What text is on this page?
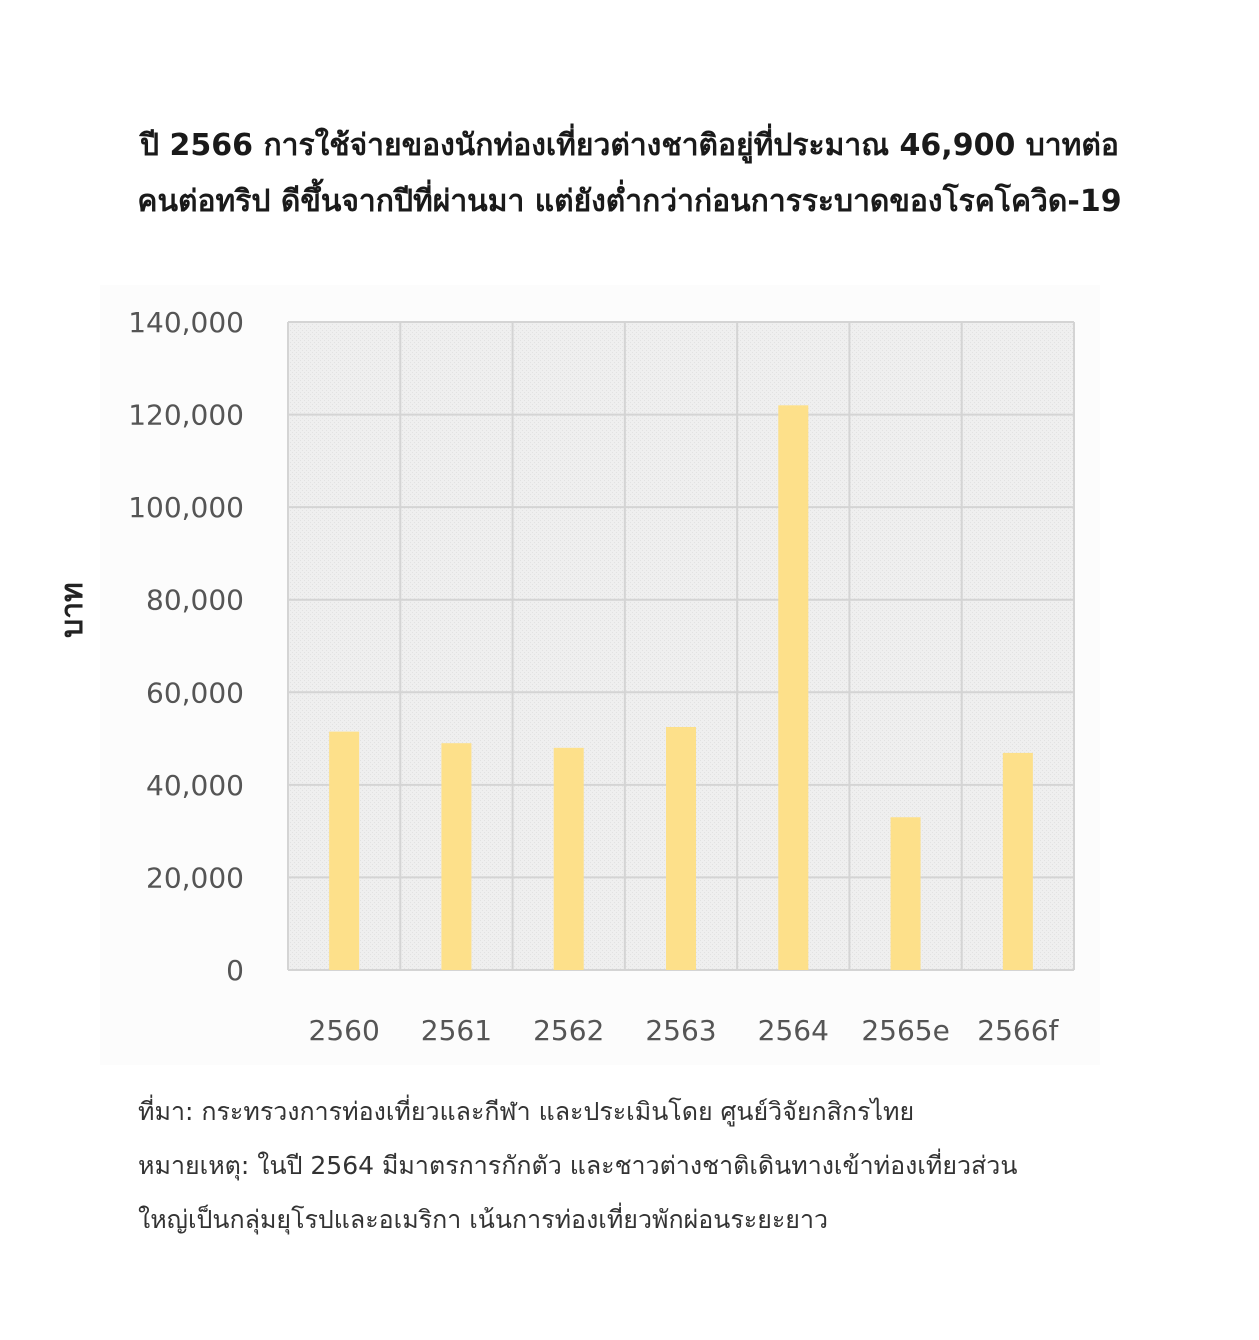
ปี 2566 การใช้จ่ายของนักท่องเที่ยวต่างชาติอยู่ที่ประมาณ 46,900 บาทต่อ
คนต่อทริป ดีขึ้นจากปีที่ผ่านมา แต่ยังต่ำกว่าก่อนการระบาดของโรคโควิด-19
0
20,000
40,000
60,000
80,000
100,000
120,000
140,000
2560 2561 2562 2563 2564 2565e 2566f
บาท
ที่มา: กระทรวงการท่องเที่ยวและกีฬา และประเมินโดย ศูนย์วิจัยกสิกรไทย
หมายเหตุ: ในปี 2564 มีมาตรการกักตัว และชาวต่างชาติเดินทางเข้าท่องเที่ยวส่วน
ใหญ่เป็นกลุ่มยุโรปและอเมริกา เน้นการท่องเที่ยวพักผ่อนระยะยาว
